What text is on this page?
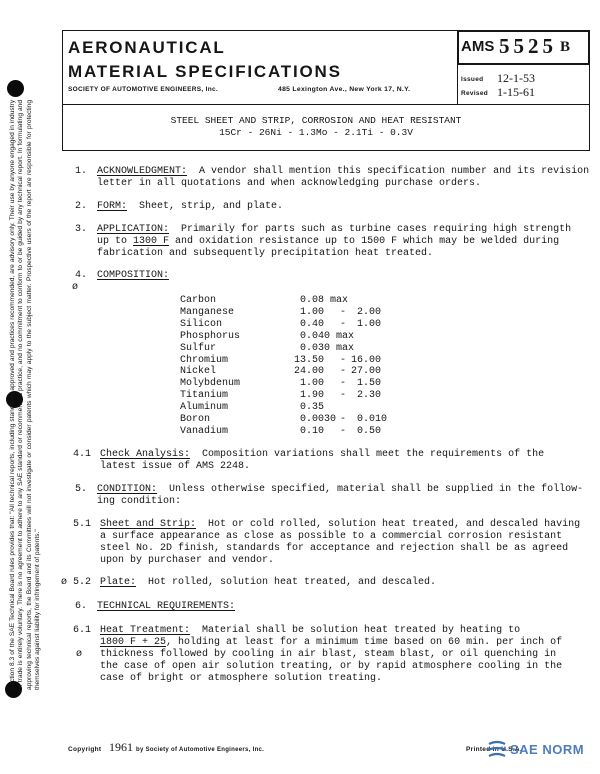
Section 8.3 of the SAE Technical Board rules provides that: "All technical reports, including standards approved and practices recommended, are advisory only. Their use by anyone engaged in industry or trade is entirely voluntary. There is no agreement to adhere to any SAE standard or recommended practice, and no commitment to conform to or be guided by any technical report. In formulating and approving technical reports, the Board and its Committees will not investigate or consider patents which may apply to the subject matter. Prospective users of the report are responsible for protecting themselves against liability for infringement of patents."
AERONAUTICAL
MATERIAL SPECIFICATIONS
SOCIETY OF AUTOMOTIVE ENGINEERS, Inc.	485 Lexington Ave., New York 17, N.Y.
AMS 5525 B
Issued 12-1-53
Revised 1-15-61
STEEL SHEET AND STRIP, CORROSION AND HEAT RESISTANT
15Cr - 26Ni - 1.3Mo - 2.1Ti - 0.3V
1. ACKNOWLEDGMENT: A vendor shall mention this specification number and its revision
letter in all quotations and when acknowledging purchase orders.
2. FORM: Sheet, strip, and plate.
3. APPLICATION: Primarily for parts such as turbine cases requiring high strength
up to 1300 F and oxidation resistance up to 1500 F which may be welded during
fabrication and subsequently precipitation heat treated.
4.
ø
COMPOSITION:
Carbon	0.08 max
Manganese	1.00 - 2.00
Silicon	0.40 - 1.00
Phosphorus	0.040 max
Sulfur	0.030 max
Chromium	13.50 - 16.00
Nickel	24.00 - 27.00
Molybdenum	1.00 - 1.50
Titanium	1.90 - 2.30
Aluminum	0.35
Boron	0.0030 - 0.010
Vanadium	0.10 - 0.50
4.1 Check Analysis: Composition variations shall meet the requirements of the
latest issue of AMS 2248.
5. CONDITION: Unless otherwise specified, material shall be supplied in the follow-
ing condition:
5.1 Sheet and Strip: Hot or cold rolled, solution heat treated, and descaled having
a surface appearance as close as possible to a commercial corrosion resistant
steel No. 2D finish, standards for acceptance and rejection shall be as agreed
upon by purchaser and vendor.
ø 5.2 Plate: Hot rolled, solution heat treated, and descaled.
6. TECHNICAL REQUIREMENTS:
6.1 Heat Treatment: Material shall be solution heat treated by heating to
1800 F + 25, holding at least for a minimum time based on 60 min. per inch of
ø thickness followed by cooling in air blast, steam blast, or oil quenching in
the case of open air solution treating, or by rapid atmosphere cooling in the
case of bright or atmosphere solution treating.
Copyright 1961 by Society of Automotive Engineers, Inc.	Printed in U.S.A.
SAE NORM
